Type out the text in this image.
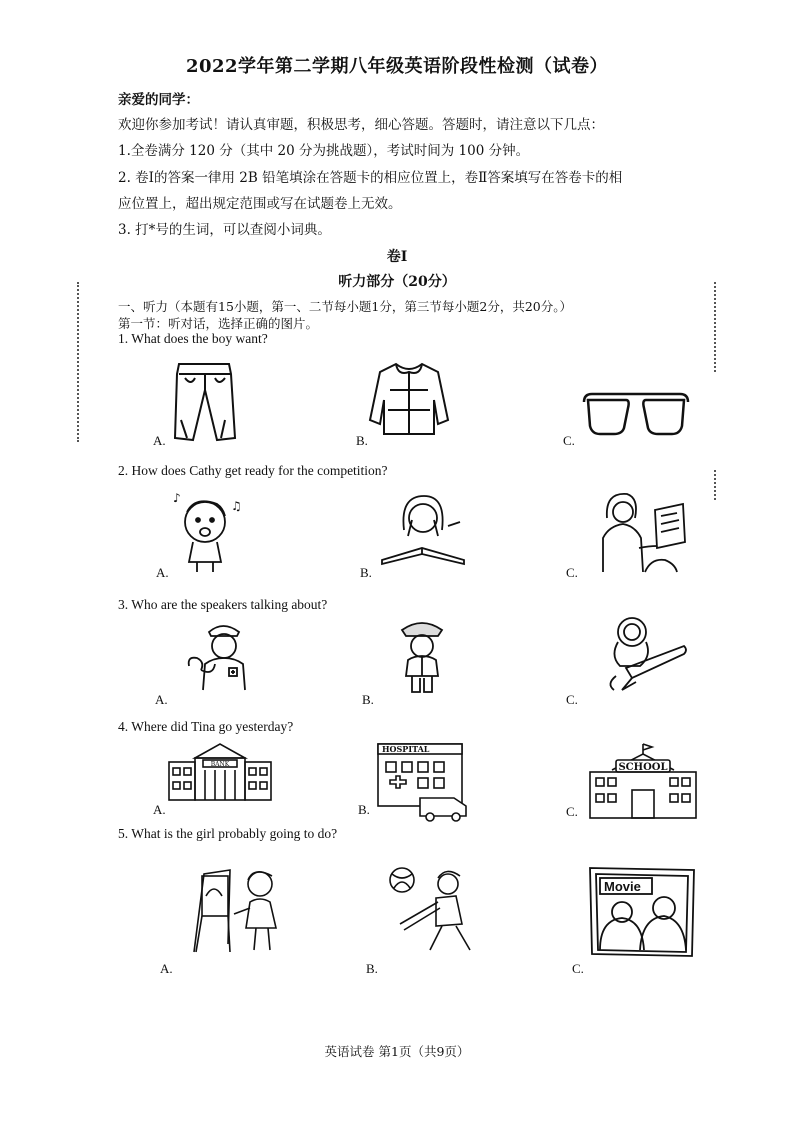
2022学年第二学期八年级英语阶段性检测（试卷）
亲爱的同学：
欢迎你参加考试！请认真审题，积极思考，细心答题。答题时，请注意以下几点：
1.全卷满分 120 分（其中 20 分为挑战题），考试时间为 100 分钟。
2. 卷Ⅰ的答案一律用 2B 铅笔填涂在答题卡的相应位置上，卷Ⅱ答案填写在答卷卡的相
应位置上，超出规定范围或写在试题卷上无效。
3. 打*号的生词，可以查阅小词典。
卷Ⅰ
听力部分（20分）
一、听力（本题有15小题，第一、二节每小题1分，第三节每小题2分，共20分。）
第一节：听对话，选择正确的图片。
1. What does the boy want?
A.	B.	C.
2. How does Cathy get ready for the competition?
♪
♫
A.	B.	C.
3. Who are the speakers talking about?
A.	B.	C.
4. Where did Tina go yesterday?
BANK
A.
HOSPITAL
B.
SCHOOL
C.
5. What is the girl probably going to do?
A.	B.
Movie
C.
英语试卷 第1页（共9页）
